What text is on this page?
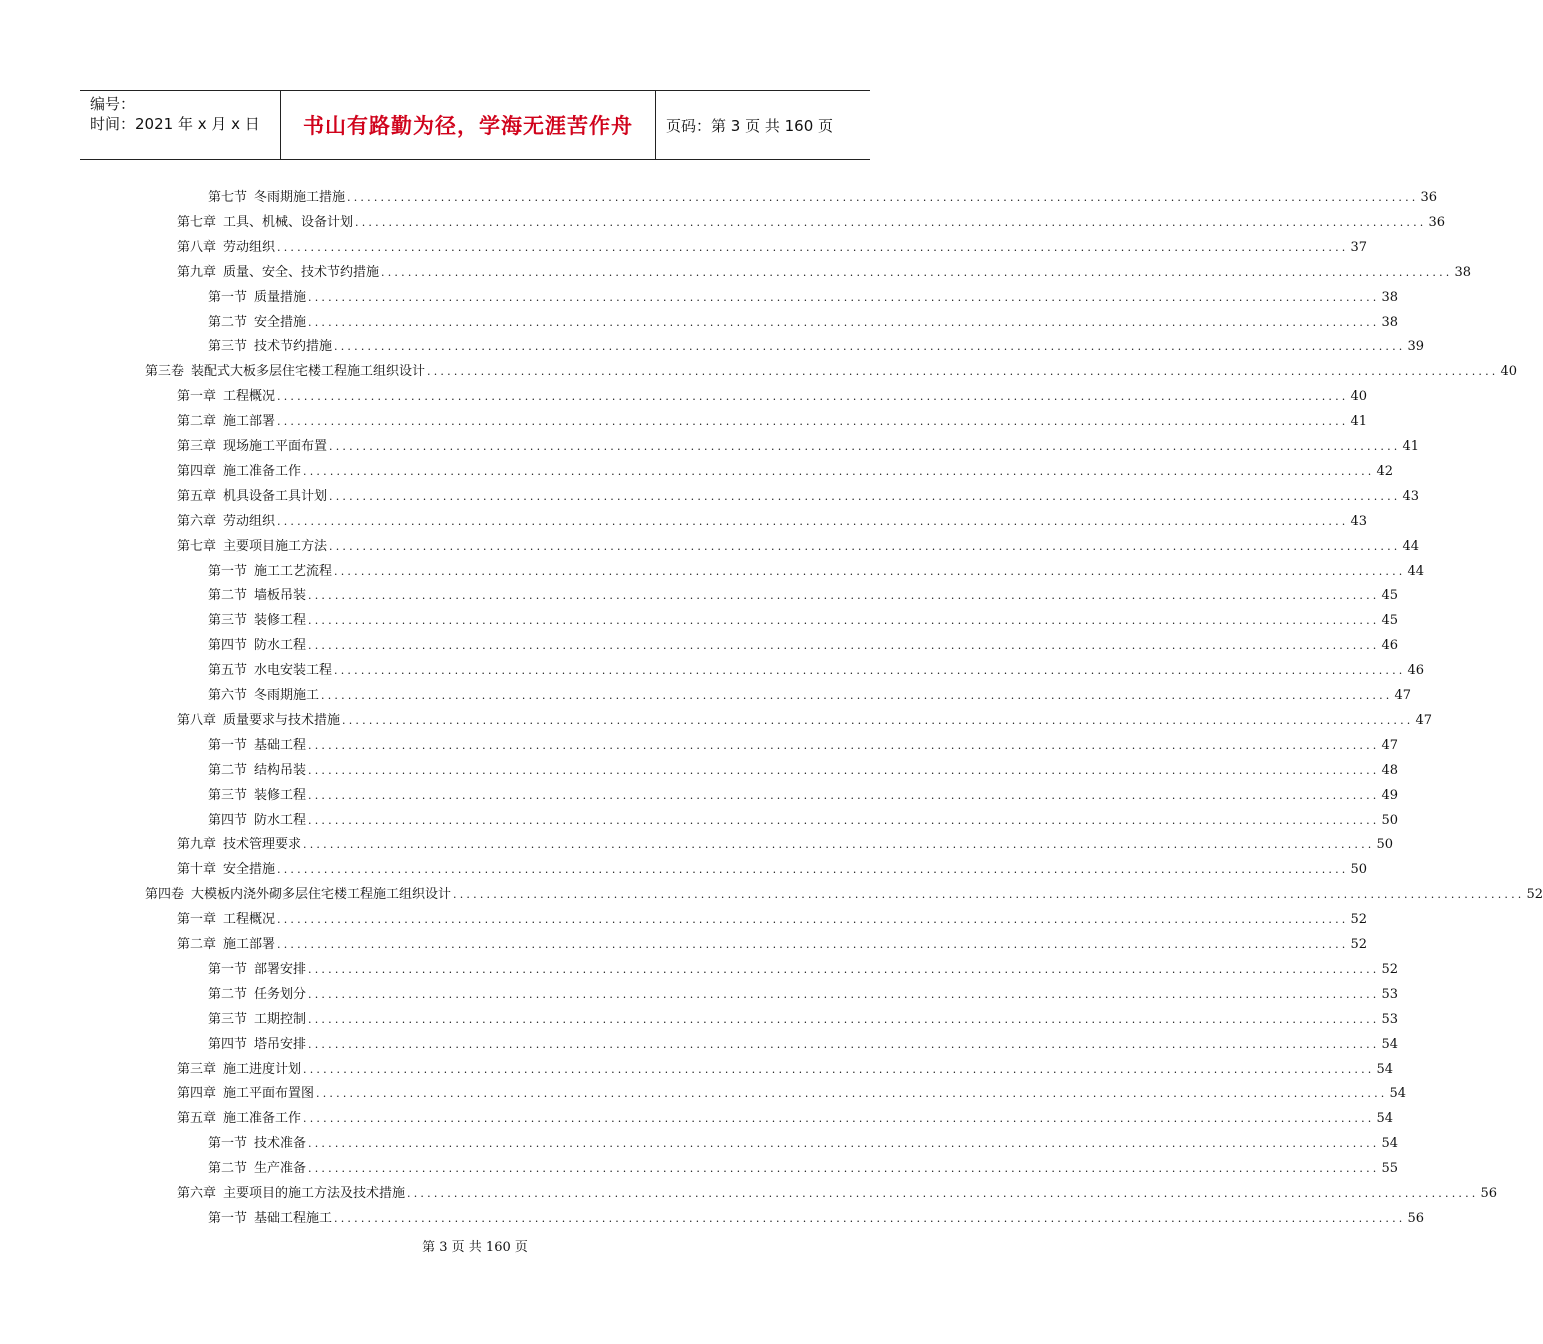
编号：
时间：2021 年 x 月 x 日	书山有路勤为径，学海无涯苦作舟	页码：第 3 页 共 160 页
第七节 冬雨期施工措施 ................................................................................................................................................................ 36
第七章 工具、机械、设备计划 ................................................................................................................................................................ 36
第八章 劳动组织 ................................................................................................................................................................ 37
第九章 质量、安全、技术节约措施 ................................................................................................................................................................ 38
第一节 质量措施 ................................................................................................................................................................ 38
第二节 安全措施 ................................................................................................................................................................ 38
第三节 技术节约措施 ................................................................................................................................................................ 39
第三卷 装配式大板多层住宅楼工程施工组织设计 ................................................................................................................................................................ 40
第一章 工程概况 ................................................................................................................................................................ 40
第二章 施工部署 ................................................................................................................................................................ 41
第三章 现场施工平面布置 ................................................................................................................................................................ 41
第四章 施工准备工作 ................................................................................................................................................................ 42
第五章 机具设备工具计划 ................................................................................................................................................................ 43
第六章 劳动组织 ................................................................................................................................................................ 43
第七章 主要项目施工方法 ................................................................................................................................................................ 44
第一节 施工工艺流程 ................................................................................................................................................................ 44
第二节 墙板吊装 ................................................................................................................................................................ 45
第三节 装修工程 ................................................................................................................................................................ 45
第四节 防水工程 ................................................................................................................................................................ 46
第五节 水电安装工程 ................................................................................................................................................................ 46
第六节 冬雨期施工 ................................................................................................................................................................ 47
第八章 质量要求与技术措施 ................................................................................................................................................................ 47
第一节 基础工程 ................................................................................................................................................................ 47
第二节 结构吊装 ................................................................................................................................................................ 48
第三节 装修工程 ................................................................................................................................................................ 49
第四节 防水工程 ................................................................................................................................................................ 50
第九章 技术管理要求 ................................................................................................................................................................ 50
第十章 安全措施 ................................................................................................................................................................ 50
第四卷 大模板内浇外砌多层住宅楼工程施工组织设计 ................................................................................................................................................................ 52
第一章 工程概况 ................................................................................................................................................................ 52
第二章 施工部署 ................................................................................................................................................................ 52
第一节 部署安排 ................................................................................................................................................................ 52
第二节 任务划分 ................................................................................................................................................................ 53
第三节 工期控制 ................................................................................................................................................................ 53
第四节 塔吊安排 ................................................................................................................................................................ 54
第三章 施工进度计划 ................................................................................................................................................................ 54
第四章 施工平面布置图 ................................................................................................................................................................ 54
第五章 施工准备工作 ................................................................................................................................................................ 54
第一节 技术准备 ................................................................................................................................................................ 54
第二节 生产准备 ................................................................................................................................................................ 55
第六章 主要项目的施工方法及技术措施 ................................................................................................................................................................ 56
第一节 基础工程施工 ................................................................................................................................................................ 56
第 3 页 共 160 页
